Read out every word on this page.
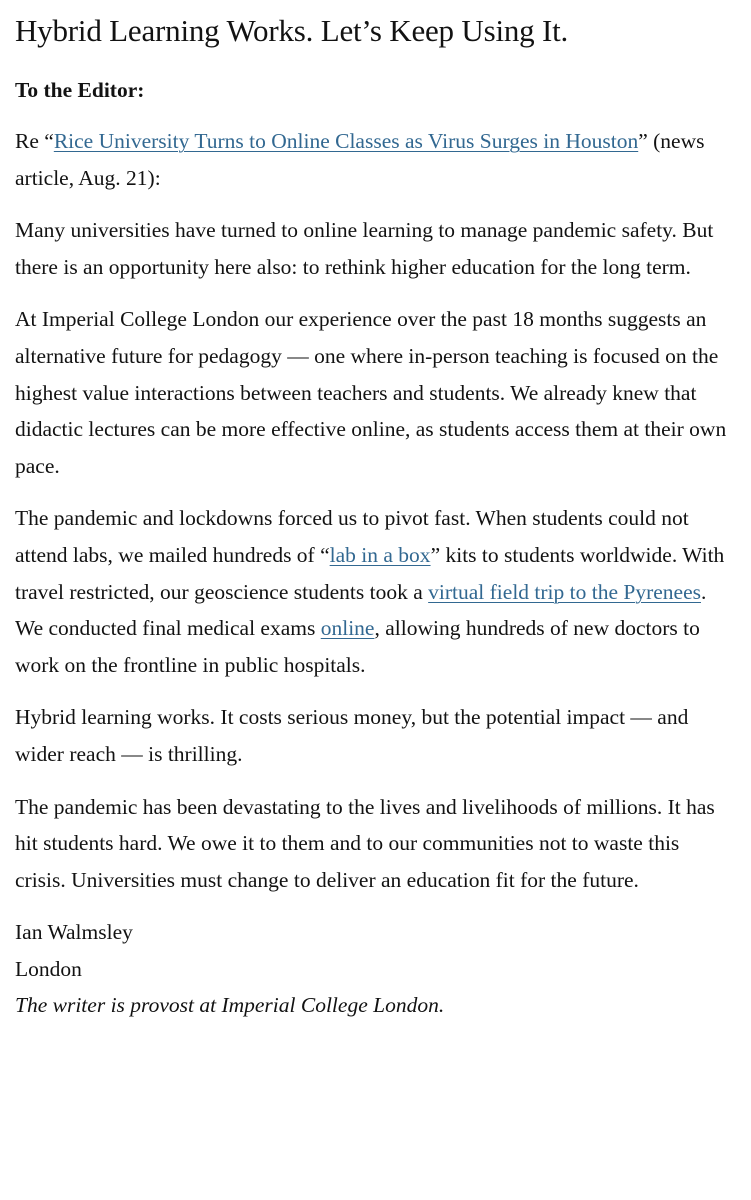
Hybrid Learning Works. Let’s Keep Using It.
To the Editor:

Re “Rice University Turns to Online Classes as Virus Surges in Houston” (news article, Aug. 21):

Many universities have turned to online learning to manage pandemic safety. But there is an opportunity here also: to rethink higher education for the long term.

At Imperial College London our experience over the past 18 months suggests an alternative future for pedagogy — one where in-person teaching is focused on the highest value interactions between teachers and students. We already knew that didactic lectures can be more effective online, as students access them at their own pace.

The pandemic and lockdowns forced us to pivot fast. When students could not attend labs, we mailed hundreds of “lab in a box” kits to students worldwide. With travel restricted, our geoscience students took a virtual field trip to the Pyrenees. We conducted final medical exams online, allowing hundreds of new doctors to work on the frontline in public hospitals.

Hybrid learning works. It costs serious money, but the potential impact — and wider reach — is thrilling.

The pandemic has been devastating to the lives and livelihoods of millions. It has hit students hard. We owe it to them and to our communities not to waste this crisis. Universities must change to deliver an education fit for the future.

Ian Walmsley
London
The writer is provost at Imperial College London.
